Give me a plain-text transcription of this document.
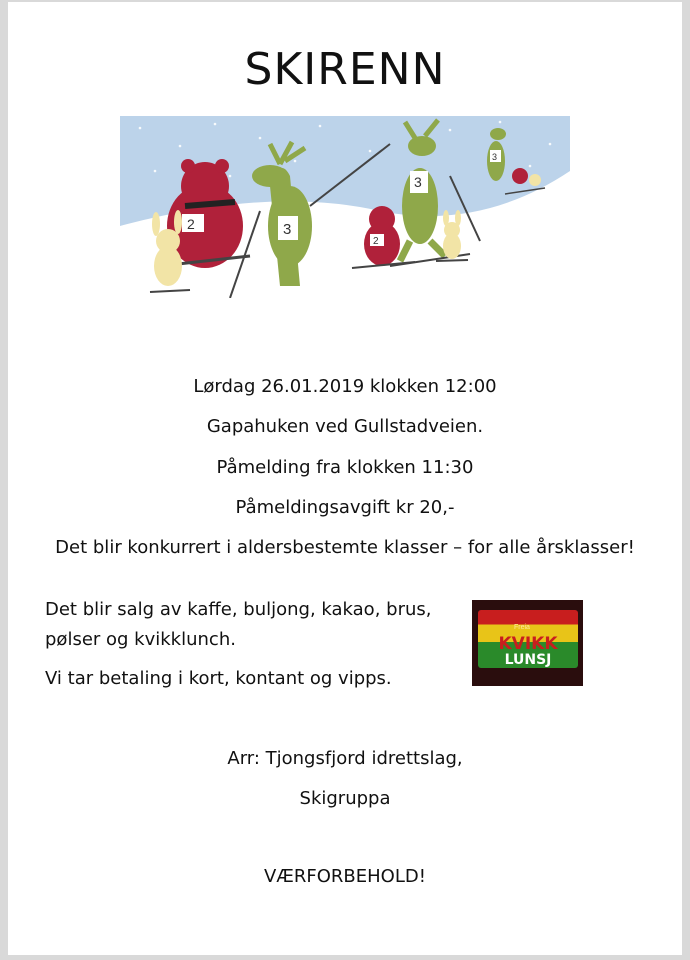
SKIRENN
2	3
3
2
3
Lørdag 26.01.2019 klokken 12:00
Gapahuken ved Gullstadveien.
Påmelding fra klokken 11:30
Påmeldingsavgift kr 20,-
Det blir konkurrert i aldersbestemte klasser – for alle årsklasser!
Det blir salg av kaffe, buljong, kakao, brus,
pølser og kvikklunch.
Vi tar betaling i kort, kontant og vipps.
Freia
KVIKK
LUNSJ
Arr: Tjongsfjord idrettslag,
Skigruppa
VÆRFORBEHOLD!
